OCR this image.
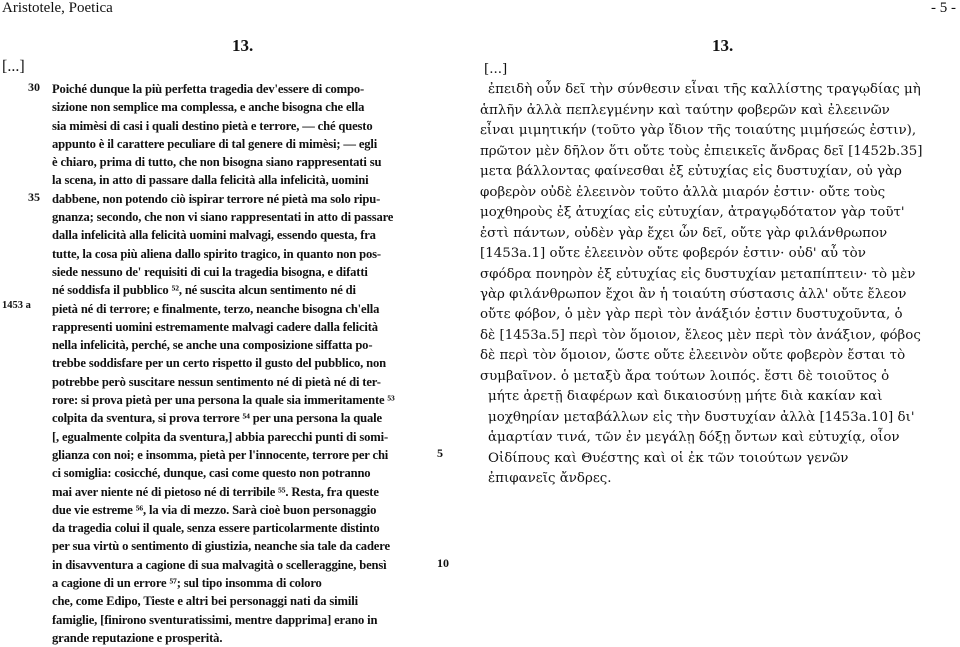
Aristotele, Poetica	- 5 -
13.
[...]
30
35
1453 a
5
10
Poiché dunque la più perfetta tragedia dev'essere di compo-
sizione non semplice ma complessa, e anche bisogna che ella
sia mimèsi di casi i quali destino pietà e terrore, — ché questo
appunto è il carattere peculiare di tal genere di mimèsi; — egli
è chiaro, prima di tutto, che non bisogna siano rappresentati su
la scena, in atto di passare dalla felicità alla infelicità, uomini
dabbene, non potendo ciò ispirar terrore né pietà ma solo ripu-
gnanza; secondo, che non vi siano rappresentati in atto di passare
dalla infelicità alla felicità uomini malvagi, essendo questa, fra
tutte, la cosa più aliena dallo spirito tragico, in quanto non pos-
siede nessuno de' requisiti di cui la tragedia bisogna, e difatti
né soddisfa il pubblico ⁵², né suscita alcun sentimento né di
pietà né di terrore; e finalmente, terzo, neanche bisogna ch'ella
rappresenti uomini estremamente malvagi cadere dalla felicità
nella infelicità, perché, se anche una composizione siffatta po-
trebbe soddisfare per un certo rispetto il gusto del pubblico, non
potrebbe però suscitare nessun sentimento né di pietà né di ter-
rore: si prova pietà per una persona la quale sia immeritamente ⁵³
colpita da sventura, si prova terrore ⁵⁴ per una persona la quale
[, egualmente colpita da sventura,] abbia parecchi punti di somi-
glianza con noi; e insomma, pietà per l'innocente, terrore per chi
ci somiglia: cosicché, dunque, casi come questo non potranno
mai aver niente né di pietoso né di terribile ⁵⁵. Resta, fra queste
due vie estreme ⁵⁶, la via di mezzo. Sarà cioè buon personaggio
da tragedia colui il quale, senza essere particolarmente distinto
per sua virtù o sentimento di giustizia, neanche sia tale da cadere
in disavventura a cagione di sua malvagità o scelleraggine, bensì
a cagione di un errore ⁵⁷; sul tipo insomma di coloro
che, come Edipo, Tieste e altri bei personaggi nati da simili
famiglie, [finirono sventuratissimi, mentre dapprima] erano in
grande reputazione e prosperità.
13.
[...]
ἐπειδὴ οὖν δεῖ τὴν σύνθεσιν εἶναι τῆς καλλίστης τραγῳδίας μὴ
ἁπλῆν ἀλλὰ πεπλεγμένην καὶ ταύτην φοβερῶν καὶ ἐλεεινῶν
εἶναι μιμητικήν (τοῦτο γὰρ ἴδιον τῆς τοιαύτης μιμήσεώς ἐστιν),
πρῶτον μὲν δῆλον ὅτι οὔτε τοὺς ἐπιεικεῖς ἄνδρας δεῖ [1452b.35]
μετα βάλλοντας φαίνεσθαι ἐξ εὐτυχίας εἰς δυστυχίαν, οὐ γὰρ
φοβερὸν οὐδὲ ἐλεεινὸν τοῦτο ἀλλὰ μιαρόν ἐστιν· οὔτε τοὺς
μοχθηροὺς ἐξ ἀτυχίας εἰς εὐτυχίαν, ἀτραγῳδότατον γὰρ τοῦτ'
ἐστὶ πάντων, οὐδὲν γὰρ ἔχει ὧν δεῖ, οὔτε γὰρ φιλάνθρωπον
[1453a.1] οὔτε ἐλεεινὸν οὔτε φοβερόν ἐστιν· οὐδ' αὖ τὸν
σφόδρα πονηρὸν ἐξ εὐτυχίας εἰς δυστυχίαν μεταπίπτειν· τὸ μὲν
γὰρ φιλάνθρωπον ἔχοι ἂν ἡ τοιαύτη σύστασις ἀλλ' οὔτε ἔλεον
οὔτε φόβον, ὁ μὲν γὰρ περὶ τὸν ἀνάξιόν ἐστιν δυστυχοῦντα, ὁ
δὲ [1453a.5] περὶ τὸν ὅμοιον, ἔλεος μὲν περὶ τὸν ἀνάξιον, φόβος
δὲ περὶ τὸν ὅμοιον, ὥστε οὔτε ἐλεεινὸν οὔτε φοβερὸν ἔσται τὸ
συμβαῖνον. ὁ μεταξὺ ἄρα τούτων λοιπός. ἔστι δὲ τοιοῦτος ὁ
μήτε ἀρετῇ διαφέρων καὶ δικαιοσύνῃ μήτε διὰ κακίαν καὶ
μοχθηρίαν μεταβάλλων εἰς τὴν δυστυχίαν ἀλλὰ [1453a.10] δι'
ἁμαρτίαν τινά, τῶν ἐν μεγάλῃ δόξῃ ὄντων καὶ εὐτυχίᾳ, οἷον
Οἰδίπους καὶ Θυέστης καὶ οἱ ἐκ τῶν τοιούτων γενῶν
ἐπιφανεῖς ἄνδρες.
